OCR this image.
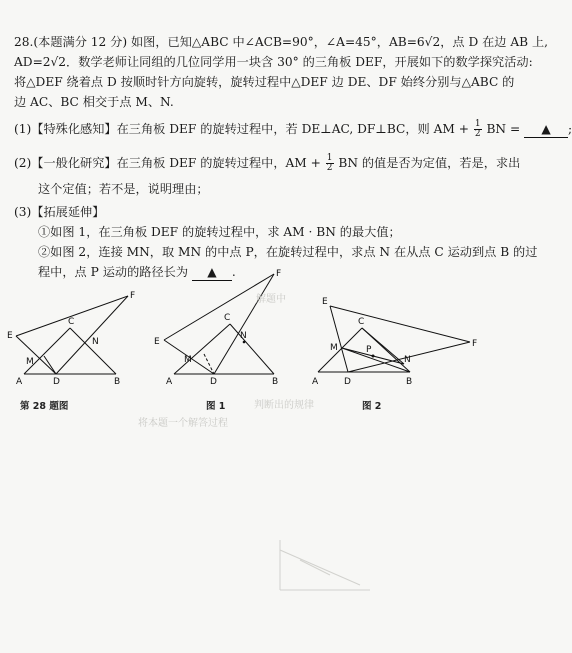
28.(本题满分 12 分) 如图，已知△ABC 中∠ACB=90°，∠A=45°，AB=6√2，点 D 在边 AB 上,
AD=2√2．数学老师让同组的几位同学用一块含 30° 的三角板 DEF，开展如下的数学探究活动:
将△DEF 绕着点 D 按顺时针方向旋转，旋转过程中△DEF 边 DE、DF 始终分别与△ABC 的
边 AC、BC 相交于点 M、N.
(1)【特殊化感知】在三角板 DEF 的旋转过程中，若 DE⊥AC, DF⊥BC，则 AM + $\frac{1}{2}$ BN = ▲ ;
(2)【一般化研究】在三角板 DEF 的旋转过程中，AM + $\frac{1}{2}$ BN 的值是否为定值，若是，求出
这个定值；若不是，说明理由；
(3)【拓展延伸】
①如图 1，在三角板 DEF 的旋转过程中，求 AM · BN 的最大值；
②如图 2，连接 MN，取 MN 的中点 P，在旋转过程中，求点 N 在从点 C 运动到点 B 的过
程中，点 P 运动的路径长为 ▲ .
A	D	B
C
E
F
M
N
第 28 题图
A	D	B
C
E
F
M
N
图 1
A	D	B
C
E
F
M
N
P
图 2
解题中
判断出的规律
将本题一个解答过程
